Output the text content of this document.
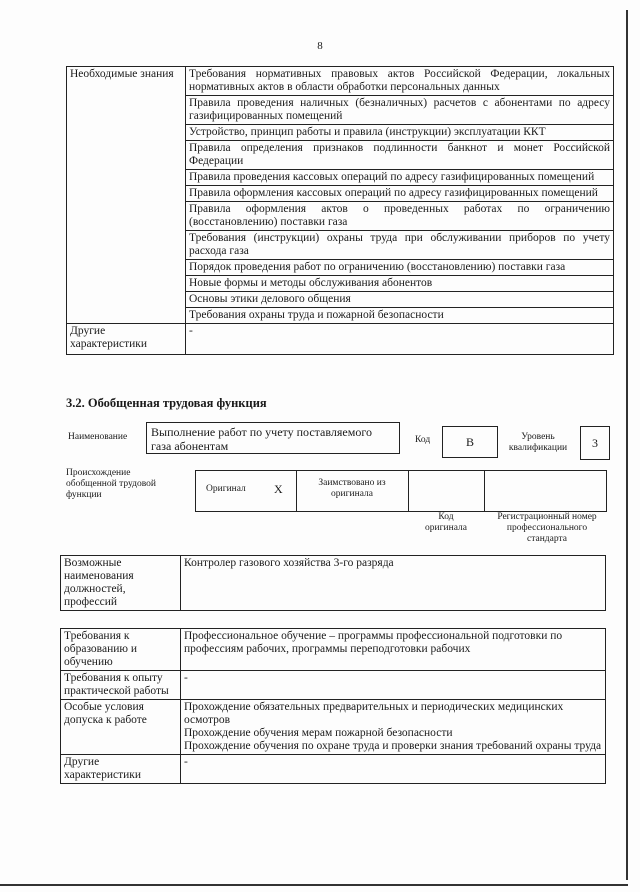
8
Необходимые знания	Требования нормативных правовых актов Российской Федерации, локальных нормативных актов в области обработки персональных данных
	Правила проведения наличных (безналичных) расчетов с абонентами по адресу газифицированных помещений
	Устройство, принцип работы и правила (инструкции) эксплуатации ККТ
	Правила определения признаков подлинности банкнот и монет Российской Федерации
	Правила проведения кассовых операций по адресу газифицированных помещений
	Правила оформления кассовых операций по адресу газифицированных помещений
	Правила оформления актов о проведенных работах по ограничению (восстановлению) поставки газа
	Требования (инструкции) охраны труда при обслуживании приборов по учету расхода газа
	Порядок проведения работ по ограничению (восстановлению) поставки газа
	Новые формы и методы обслуживания абонентов
	Основы этики делового общения
	Требования охраны труда и пожарной безопасности
Другие характеристики	-
3.2. Обобщенная трудовая функция
Наименование	Выполнение работ по учету поставляемого газа абонентам	Код	B	Уровень квалификации	3
Происхождение обобщенной трудовой функции
Оригинал X	Заимствовано из оригинала
Код оригинала
Регистрационный номер профессионального стандарта
Возможные наименования должностей, профессий	Контролер газового хозяйства 3-го разряда
Требования к образованию и обучению	Профессиональное обучение – программы профессиональной подготовки по профессиям рабочих, программы переподготовки рабочих

Требования к опыту практической работы	-

Особые условия допуска к работе	Прохождение обязательных предварительных и периодических медицинских осмотров

Прохождение обучения мерам пожарной безопасности

Прохождение обучения по охране труда и проверки знания требований охраны труда

Другие характеристики	-
